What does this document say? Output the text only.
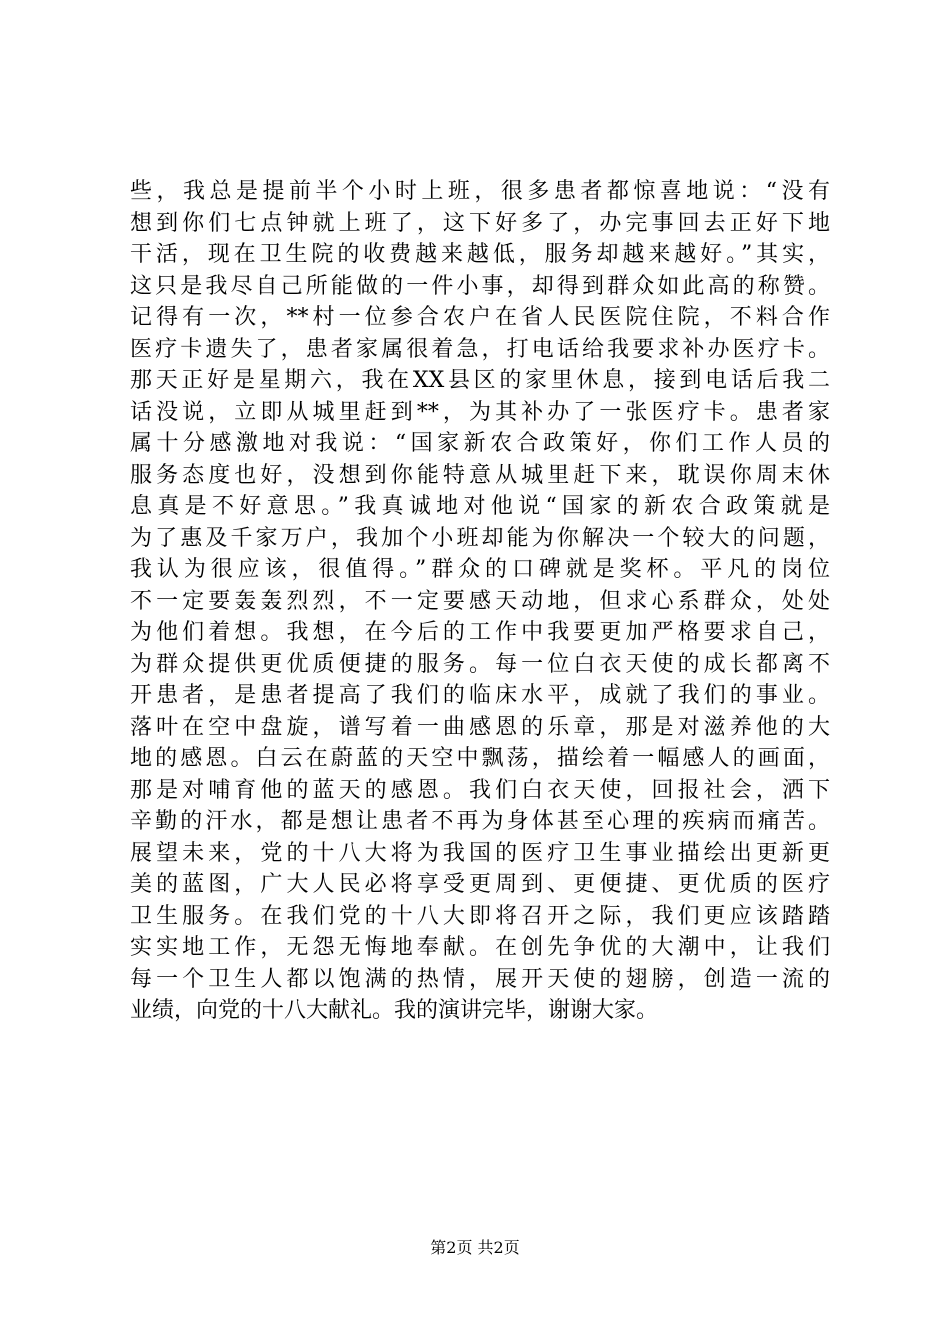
些，我总是提前半个小时上班，很多患者都惊喜地说：“没有
想到你们七点钟就上班了，这下好多了，办完事回去正好下地
干活，现在卫生院的收费越来越低，服务却越来越好。”其实，
这只是我尽自己所能做的一件小事，却得到群众如此高的称赞。
记得有一次，**村一位参合农户在省人民医院住院，不料合作
医疗卡遗失了，患者家属很着急，打电话给我要求补办医疗卡。
那天正好是星期六，我在XX县区的家里休息，接到电话后我二
话没说，立即从城里赶到**，为其补办了一张医疗卡。患者家
属十分感激地对我说：“国家新农合政策好，你们工作人员的
服务态度也好，没想到你能特意从城里赶下来，耽误你周末休
息真是不好意思。”我真诚地对他说“国家的新农合政策就是
为了惠及千家万户，我加个小班却能为你解决一个较大的问题，
我认为很应该，很值得。”群众的口碑就是奖杯。平凡的岗位
不一定要轰轰烈烈，不一定要感天动地，但求心系群众，处处
为他们着想。我想，在今后的工作中我要更加严格要求自己，
为群众提供更优质便捷的服务。每一位白衣天使的成长都离不
开患者，是患者提高了我们的临床水平，成就了我们的事业。
落叶在空中盘旋，谱写着一曲感恩的乐章，那是对滋养他的大
地的感恩。白云在蔚蓝的天空中飘荡，描绘着一幅感人的画面，
那是对哺育他的蓝天的感恩。我们白衣天使，回报社会，洒下
辛勤的汗水，都是想让患者不再为身体甚至心理的疾病而痛苦。
展望未来，党的十八大将为我国的医疗卫生事业描绘出更新更
美的蓝图，广大人民必将享受更周到、更便捷、更优质的医疗
卫生服务。在我们党的十八大即将召开之际，我们更应该踏踏
实实地工作，无怨无悔地奉献。在创先争优的大潮中，让我们
每一个卫生人都以饱满的热情，展开天使的翅膀，创造一流的
业绩，向党的十八大献礼。我的演讲完毕，谢谢大家。
第2页 共2页
